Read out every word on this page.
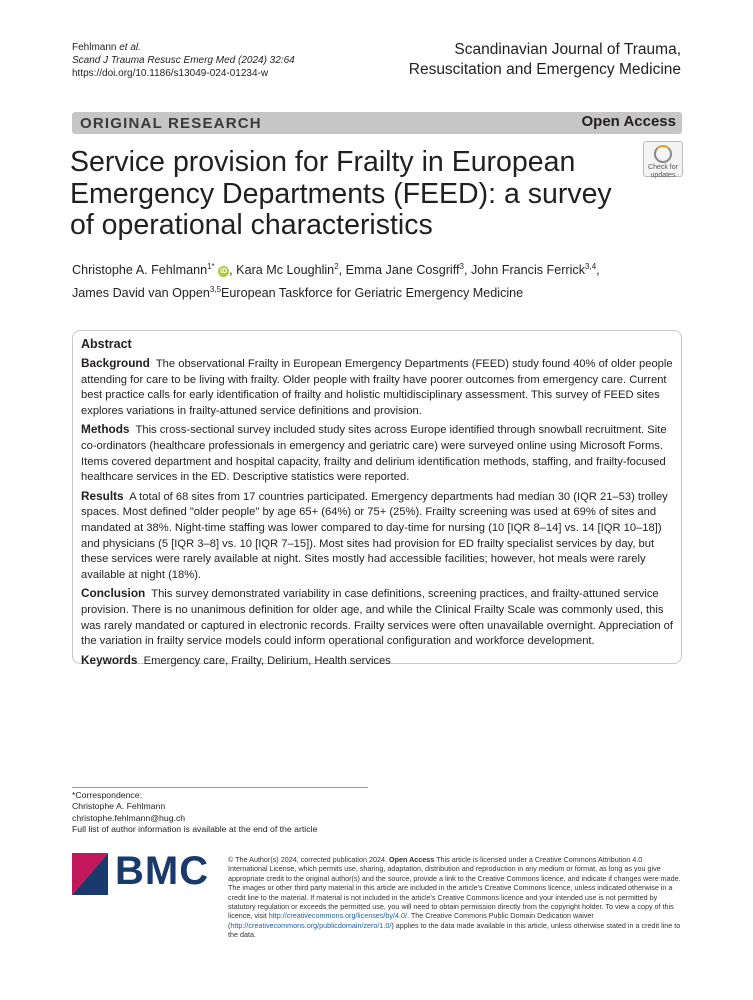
Fehlmann et al.
Scand J Trauma Resusc Emerg Med (2024) 32:64
https://doi.org/10.1186/s13049-024-01234-w
Scandinavian Journal of Trauma,
Resuscitation and Emergency Medicine
ORIGINAL RESEARCH	Open Access
Check for
updates
Service provision for Frailty in European Emergency Departments (FEED): a survey of operational characteristics
Christophe A. Fehlmann$^{1*}$ iD , Kara Mc Loughlin$^2$, Emma Jane Cosgriff$^3$, John Francis Ferrick$^{3,4}$,
James David van Oppen$^{3,5}$European Taskforce for Geriatric Emergency Medicine
Abstract

Background The observational Frailty in European Emergency Departments (FEED) study found 40% of older people attending for care to be living with frailty. Older people with frailty have poorer outcomes from emergency care. Current best practice calls for early identification of frailty and holistic multidisciplinary assessment. This survey of FEED sites explores variations in frailty-attuned service definitions and provision.

Methods This cross-sectional survey included study sites across Europe identified through snowball recruitment. Site co-ordinators (healthcare professionals in emergency and geriatric care) were surveyed online using Microsoft Forms. Items covered department and hospital capacity, frailty and delirium identification methods, staffing, and frailty-focused healthcare services in the ED. Descriptive statistics were reported.

Results A total of 68 sites from 17 countries participated. Emergency departments had median 30 (IQR 21–53) trolley spaces. Most defined "older people" by age 65+ (64%) or 75+ (25%). Frailty screening was used at 69% of sites and mandated at 38%. Night-time staffing was lower compared to day-time for nursing (10 [IQR 8–14] vs. 14 [IQR 10–18]) and physicians (5 [IQR 3–8] vs. 10 [IQR 7–15]). Most sites had provision for ED frailty specialist services by day, but these services were rarely available at night. Sites mostly had accessible facilities; however, hot meals were rarely available at night (18%).

Conclusion This survey demonstrated variability in case definitions, screening practices, and frailty-attuned service provision. There is no unanimous definition for older age, and while the Clinical Frailty Scale was commonly used, this was rarely mandated or captured in electronic records. Frailty services were often unavailable overnight. Appreciation of the variation in frailty service models could inform operational configuration and workforce development.

Keywords Emergency care, Frailty, Delirium, Health services

*Correspondence:
Christophe A. Fehlmann
christophe.fehlmann@hug.ch
Full list of author information is available at the end of the article
BMC	© The Author(s) 2024, corrected publication 2024. Open Access This article is licensed under a Creative Commons Attribution 4.0 International License, which permits use, sharing, adaptation, distribution and reproduction in any medium or format, as long as you give appropriate credit to the original author(s) and the source, provide a link to the Creative Commons licence, and indicate if changes were made. The images or other third party material in this article are included in the article's Creative Commons licence, unless indicated otherwise in a credit line to the material. If material is not included in the article's Creative Commons licence and your intended use is not permitted by statutory regulation or exceeds the permitted use, you will need to obtain permission directly from the copyright holder. To view a copy of this licence, visit http://creativecommons.org/licenses/by/4.0/. The Creative Commons Public Domain Dedication waiver (http://creativecommons.org/publicdomain/zero/1.0/) applies to the data made available in this article, unless otherwise stated in a credit line to the data.
